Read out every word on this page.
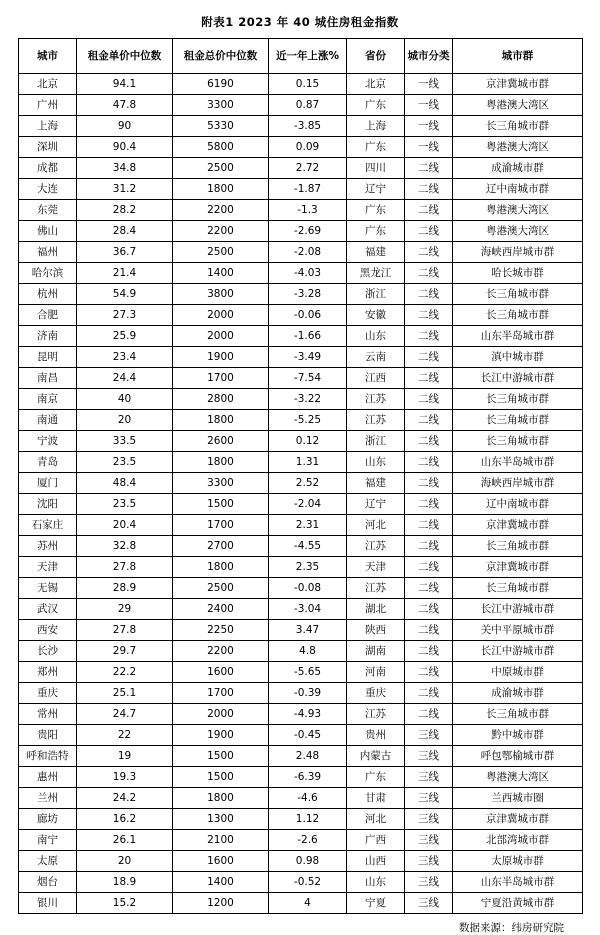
附表1 2023 年 40 城住房租金指数
城市	租金单价中位数	租金总价中位数	近一年上涨%	省份	城市分类	城市群
北京	94.1	6190	0.15	北京	一线	京津冀城市群
广州	47.8	3300	0.87	广东	一线	粤港澳大湾区
上海	90	5330	-3.85	上海	一线	长三角城市群
深圳	90.4	5800	0.09	广东	一线	粤港澳大湾区
成都	34.8	2500	2.72	四川	二线	成渝城市群
大连	31.2	1800	-1.87	辽宁	二线	辽中南城市群
东莞	28.2	2200	-1.3	广东	二线	粤港澳大湾区
佛山	28.4	2200	-2.69	广东	二线	粤港澳大湾区
福州	36.7	2500	-2.08	福建	二线	海峡西岸城市群
哈尔滨	21.4	1400	-4.03	黑龙江	二线	哈长城市群
杭州	54.9	3800	-3.28	浙江	二线	长三角城市群
合肥	27.3	2000	-0.06	安徽	二线	长三角城市群
济南	25.9	2000	-1.66	山东	二线	山东半岛城市群
昆明	23.4	1900	-3.49	云南	二线	滇中城市群
南昌	24.4	1700	-7.54	江西	二线	长江中游城市群
南京	40	2800	-3.22	江苏	二线	长三角城市群
南通	20	1800	-5.25	江苏	二线	长三角城市群
宁波	33.5	2600	0.12	浙江	二线	长三角城市群
青岛	23.5	1800	1.31	山东	二线	山东半岛城市群
厦门	48.4	3300	2.52	福建	二线	海峡西岸城市群
沈阳	23.5	1500	-2.04	辽宁	二线	辽中南城市群
石家庄	20.4	1700	2.31	河北	二线	京津冀城市群
苏州	32.8	2700	-4.55	江苏	二线	长三角城市群
天津	27.8	1800	2.35	天津	二线	京津冀城市群
无锡	28.9	2500	-0.08	江苏	二线	长三角城市群
武汉	29	2400	-3.04	湖北	二线	长江中游城市群
西安	27.8	2250	3.47	陕西	二线	关中平原城市群
长沙	29.7	2200	4.8	湖南	二线	长江中游城市群
郑州	22.2	1600	-5.65	河南	二线	中原城市群
重庆	25.1	1700	-0.39	重庆	二线	成渝城市群
常州	24.7	2000	-4.93	江苏	二线	长三角城市群
贵阳	22	1900	-0.45	贵州	三线	黔中城市群
呼和浩特	19	1500	2.48	内蒙古	三线	呼包鄂榆城市群
惠州	19.3	1500	-6.39	广东	三线	粤港澳大湾区
兰州	24.2	1800	-4.6	甘肃	三线	兰西城市圈
廊坊	16.2	1300	1.12	河北	三线	京津冀城市群
南宁	26.1	2100	-2.6	广西	三线	北部湾城市群
太原	20	1600	0.98	山西	三线	太原城市群
烟台	18.9	1400	-0.52	山东	三线	山东半岛城市群
银川	15.2	1200	4	宁夏	三线	宁夏沿黄城市群
数据来源：纬房研究院
